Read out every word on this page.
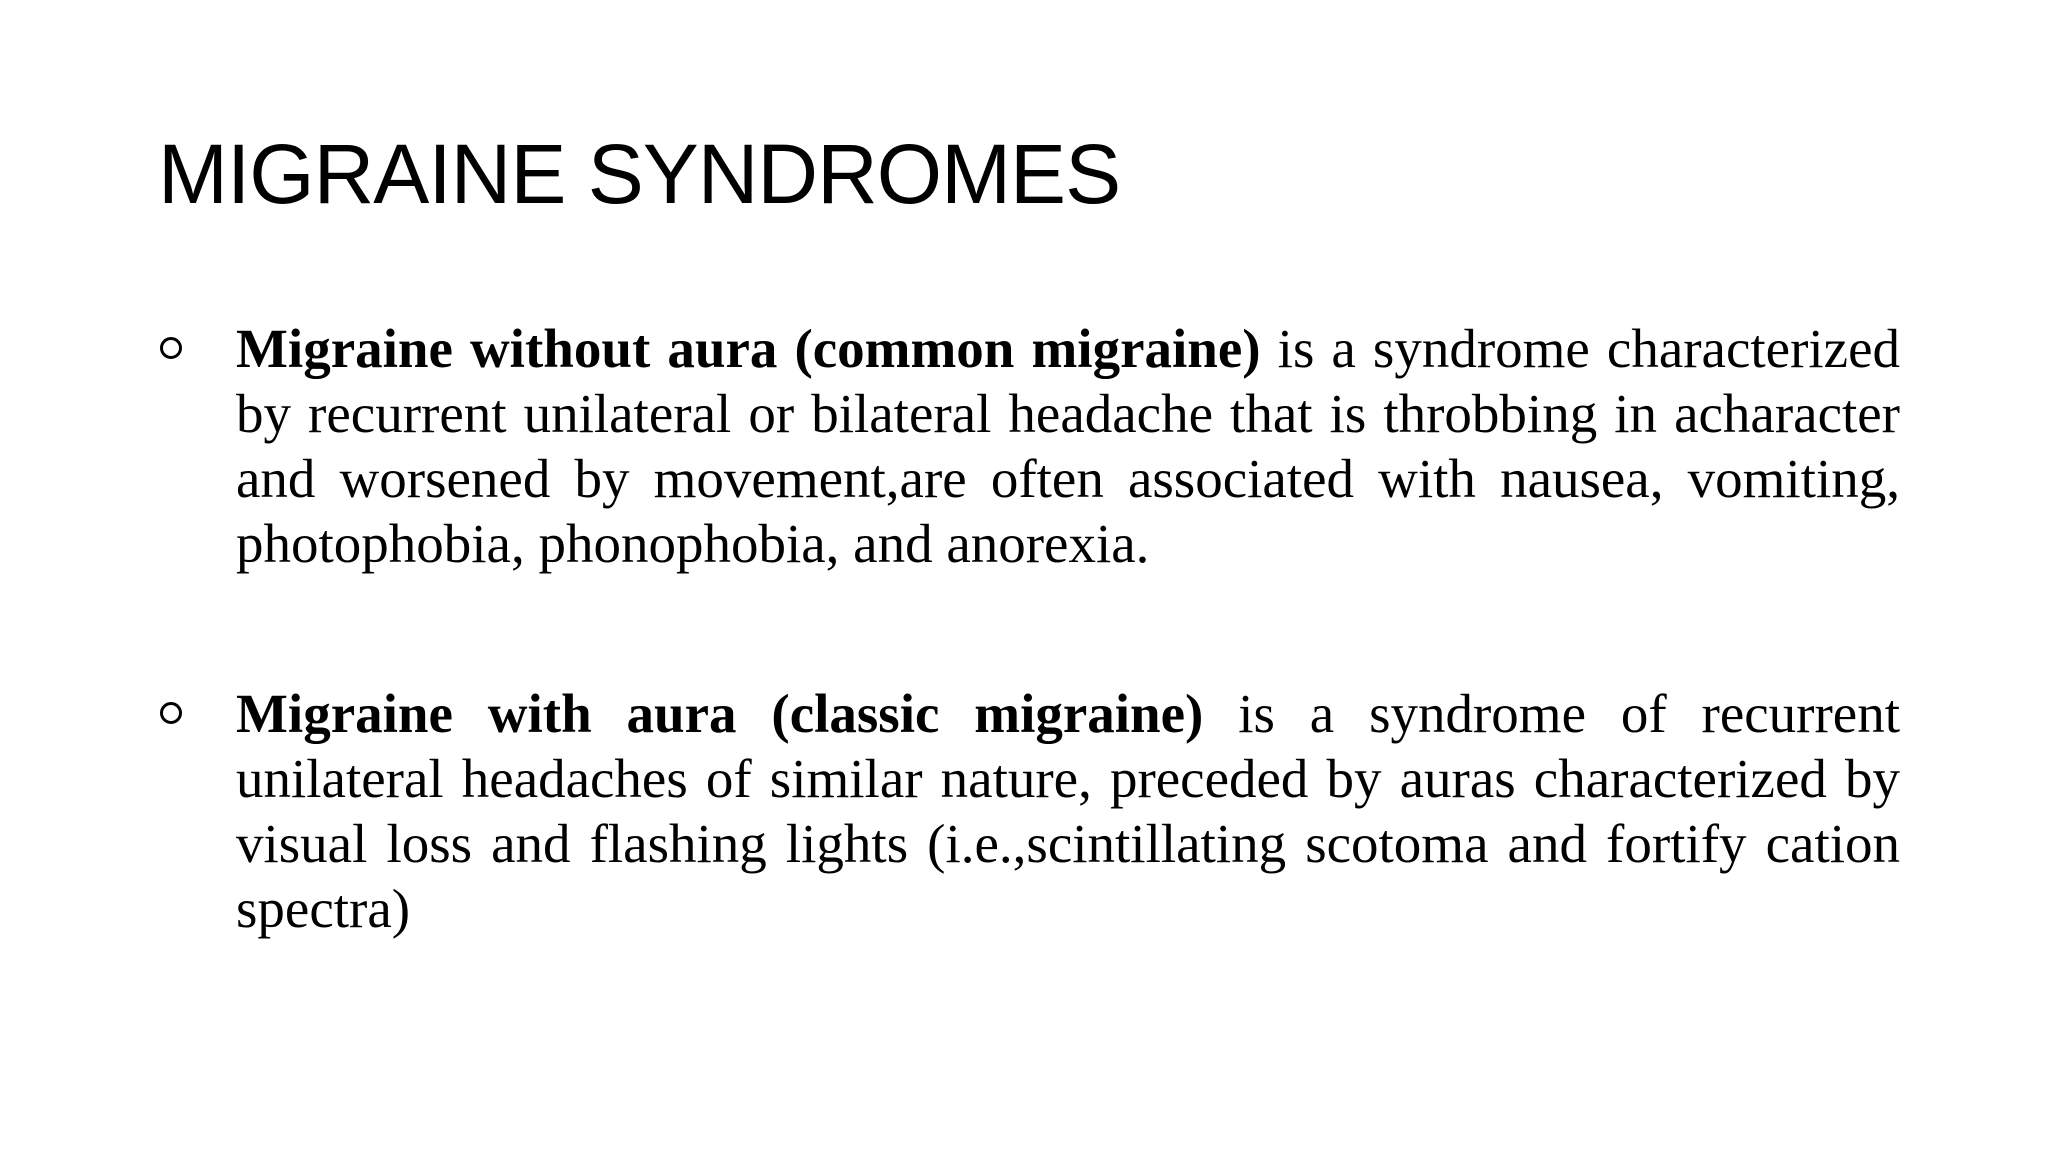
MIGRAINE SYNDROMES
Migraine without aura (common migraine) is a syndrome characterized by recurrent unilateral or bilateral headache that is throbbing in acharacter and worsened by movement,are often associated with nausea, vomiting, photophobia, phonophobia, and anorexia.
Migraine with aura (classic migraine) is a syndrome of recurrent unilateral headaches of similar nature, preceded by auras characterized by visual loss and flashing lights (i.e.,scintillating scotoma and fortify cation spectra)
